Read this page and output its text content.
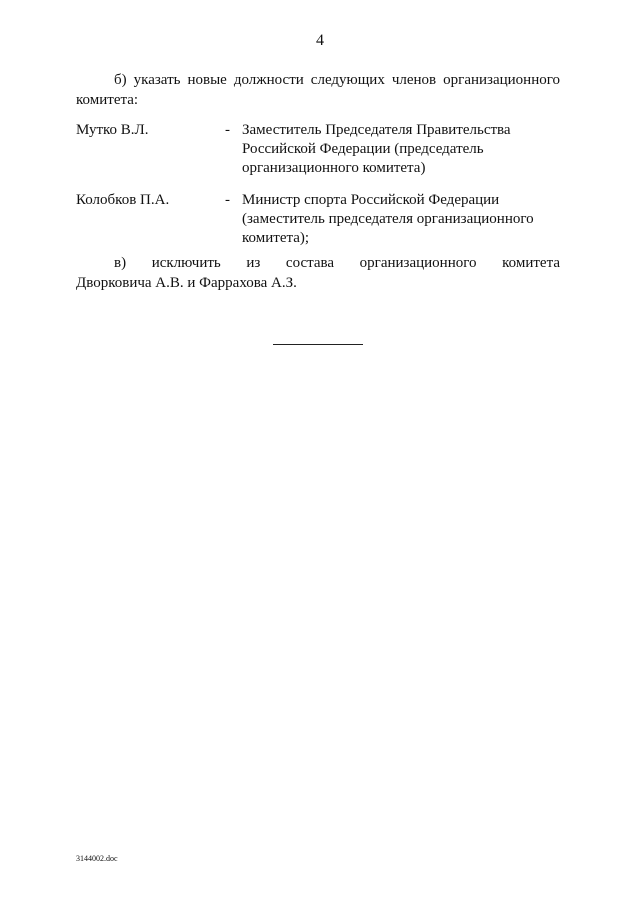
4
б) указать новые должности следующих членов организационного
комитета:
Мутко В.Л.	- Заместитель Председателя Правительства
Российской Федерации (председатель
организационного комитета)
Колобков П.А.	- Министр спорта Российской Федерации
(заместитель председателя организационного
комитета);
в) исключить из состава организационного комитета
Дворковича А.В. и Фаррахова А.З.
3144002.doc
